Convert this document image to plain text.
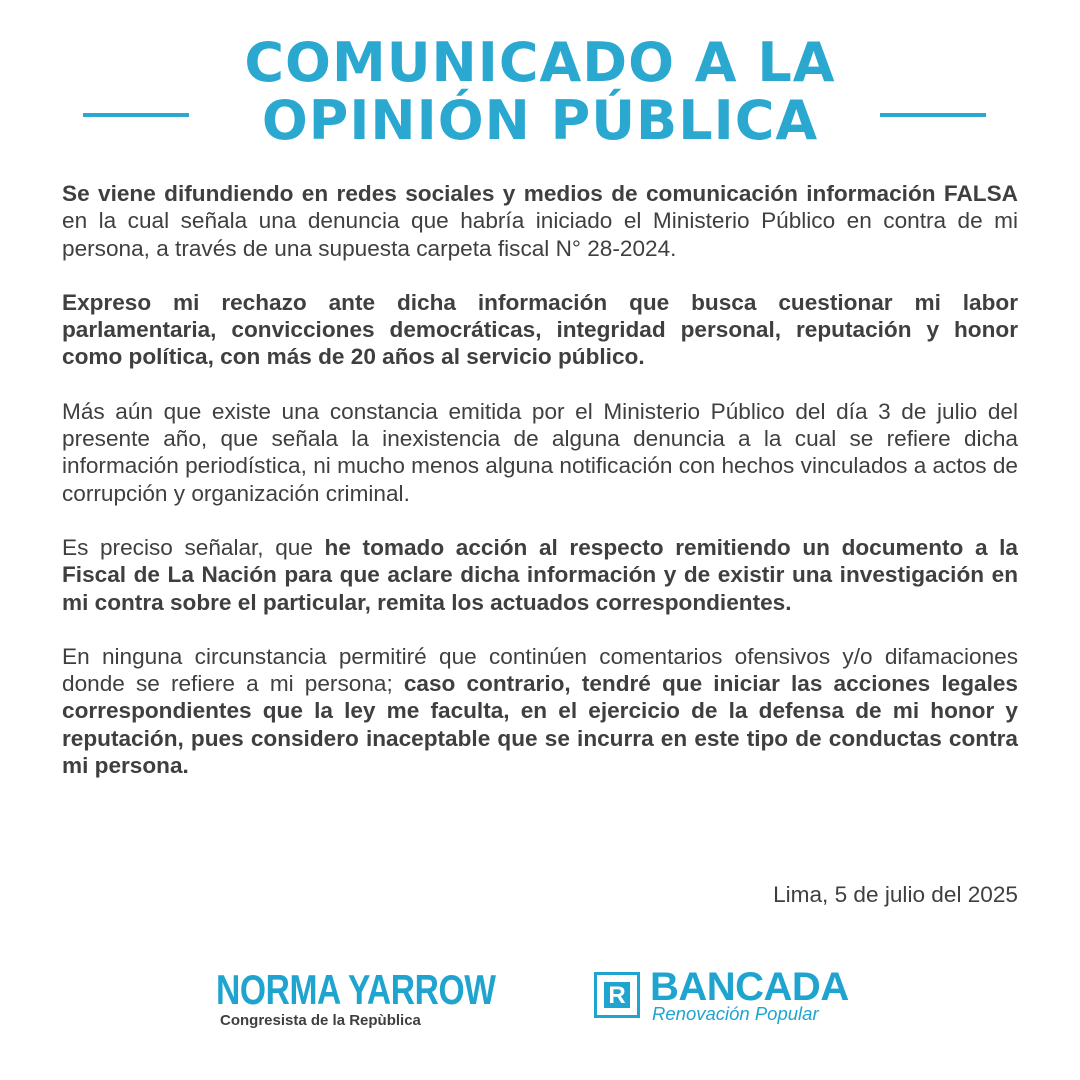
COMUNICADO A LA
OPINIÓN PÚBLICA

Se viene difundiendo en redes sociales y medios de comunicación información FALSA en la cual señala una denuncia que habría iniciado el Ministerio Público en contra de mi persona, a través de una supuesta carpeta fiscal N° 28-2024.

Expreso mi rechazo ante dicha información que busca cuestionar mi labor parlamentaria, convicciones democráticas, integridad personal, reputación y honor como política, con más de 20 años al servicio público.

Más aún que existe una constancia emitida por el Ministerio Público del día 3 de julio del presente año, que señala la inexistencia de alguna denuncia a la cual se refiere dicha información periodística, ni mucho menos alguna notificación con hechos vinculados a actos de corrupción y organización criminal.

Es preciso señalar, que he tomado acción al respecto remitiendo un documento a la Fiscal de La Nación para que aclare dicha información y de existir una investigación en mi contra sobre el particular, remita los actuados correspondientes.

En ninguna circunstancia permitiré que continúen comentarios ofensivos y/o difamaciones donde se refiere a mi persona; caso contrario, tendré que iniciar las acciones legales correspondientes que la ley me faculta, en el ejercicio de la defensa de mi honor y reputación, pues considero inaceptable que se incurra en este tipo de conductas contra mi persona.

Lima, 5 de julio del 2025
NORMA YARROW
Congresista de la Repùblica
R BANCADA
Renovación Popular
